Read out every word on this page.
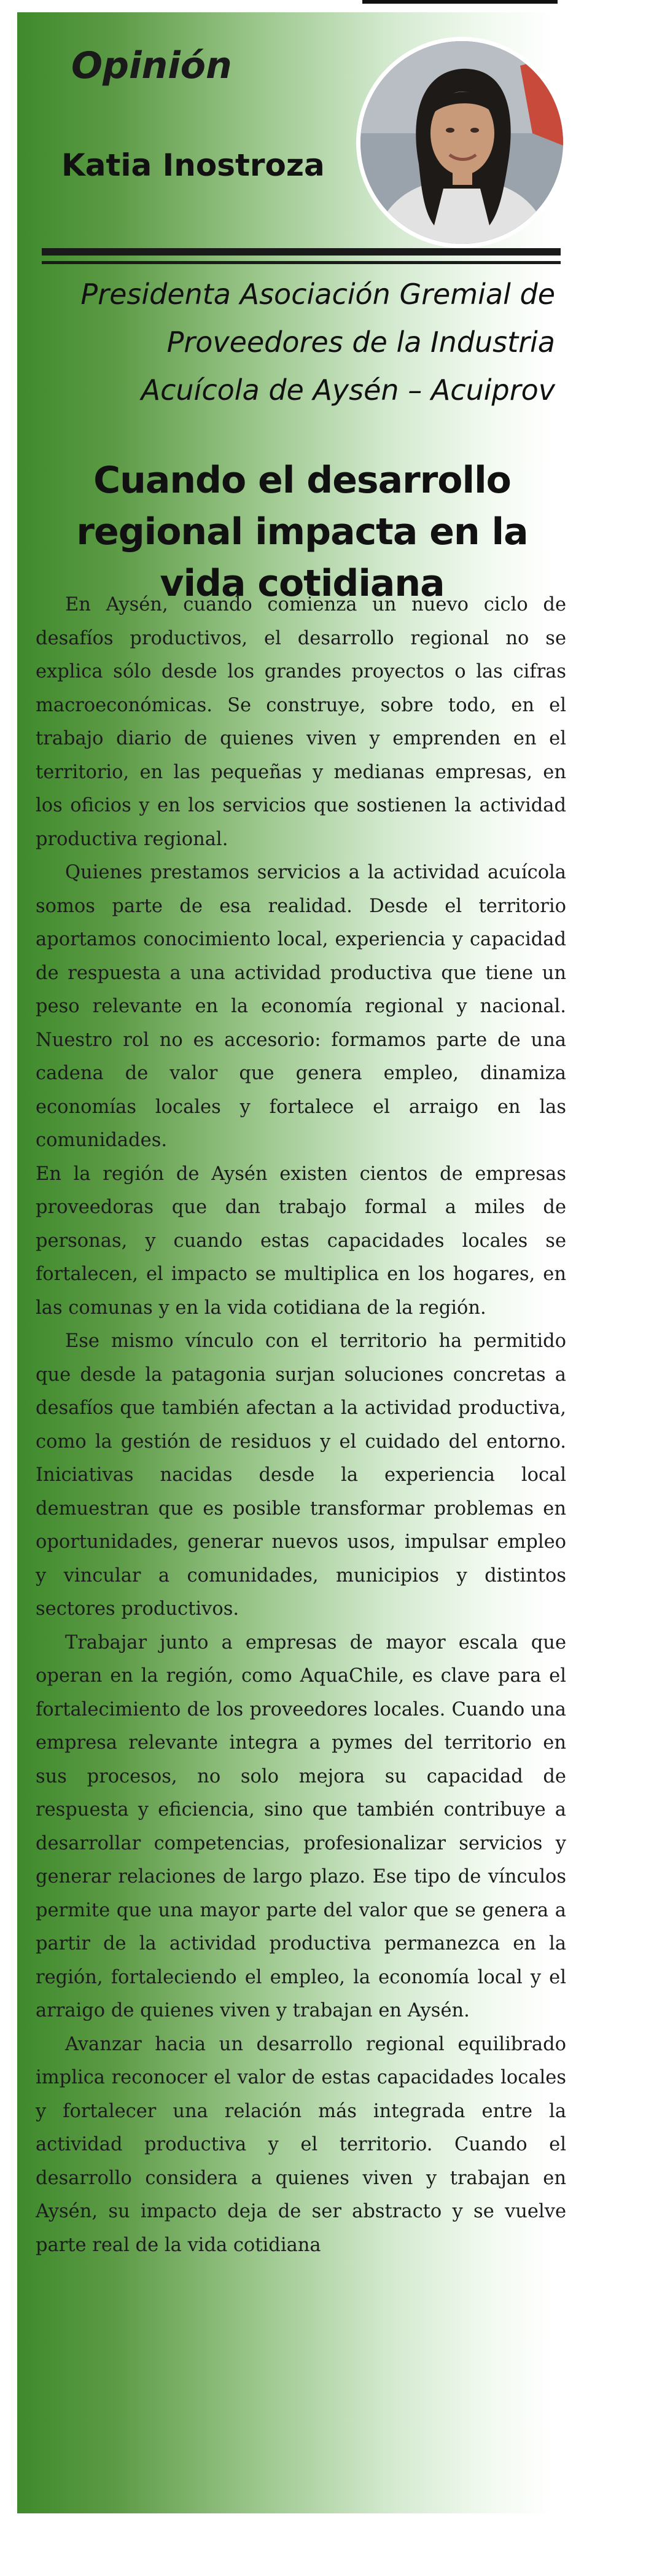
Opinión
Katia Inostroza

Presidenta Asociación Gremial de Proveedores de la Industria Acuícola de Aysén – Acuiprov

Cuando el desarrollo regional impacta en la vida cotidiana

En Aysén, cuando comienza un nuevo ciclo de desafíos productivos, el desarrollo regional no se explica sólo desde los grandes proyectos o las cifras macroeconómicas. Se construye, sobre todo, en el trabajo diario de quienes viven y emprenden en el territorio, en las pequeñas y medianas empresas, en los oficios y en los servicios que sostienen la actividad productiva regional.

Quienes prestamos servicios a la actividad acuícola somos parte de esa realidad. Desde el territorio aportamos conocimiento local, experiencia y capacidad de respuesta a una actividad productiva que tiene un peso relevante en la economía regional y nacional. Nuestro rol no es accesorio: formamos parte de una cadena de valor que genera empleo, dinamiza economías locales y fortalece el arraigo en las comunidades.

En la región de Aysén existen cientos de empresas proveedoras que dan trabajo formal a miles de personas, y cuando estas capacidades locales se fortalecen, el impacto se multiplica en los hogares, en las comunas y en la vida cotidiana de la región.

Ese mismo vínculo con el territorio ha permitido que desde la patagonia surjan soluciones concretas a desafíos que también afectan a la actividad productiva, como la gestión de residuos y el cuidado del entorno. Iniciativas nacidas desde la experiencia local demuestran que es posible transformar problemas en oportunidades, generar nuevos usos, impulsar empleo y vincular a comunidades, municipios y distintos sectores productivos.

Trabajar junto a empresas de mayor escala que operan en la región, como AquaChile, es clave para el fortalecimiento de los proveedores locales. Cuando una empresa relevante integra a pymes del territorio en sus procesos, no solo mejora su capacidad de respuesta y eficiencia, sino que también contribuye a desarrollar competencias, profesionalizar servicios y generar relaciones de largo plazo. Ese tipo de vínculos permite que una mayor parte del valor que se genera a partir de la actividad productiva permanezca en la región, fortaleciendo el empleo, la economía local y el arraigo de quienes viven y trabajan en Aysén.

Avanzar hacia un desarrollo regional equilibrado implica reconocer el valor de estas capacidades locales y fortalecer una relación más integrada entre la actividad productiva y el territorio. Cuando el desarrollo considera a quienes viven y trabajan en Aysén, su impacto deja de ser abstracto y se vuelve parte real de la vida cotidiana
